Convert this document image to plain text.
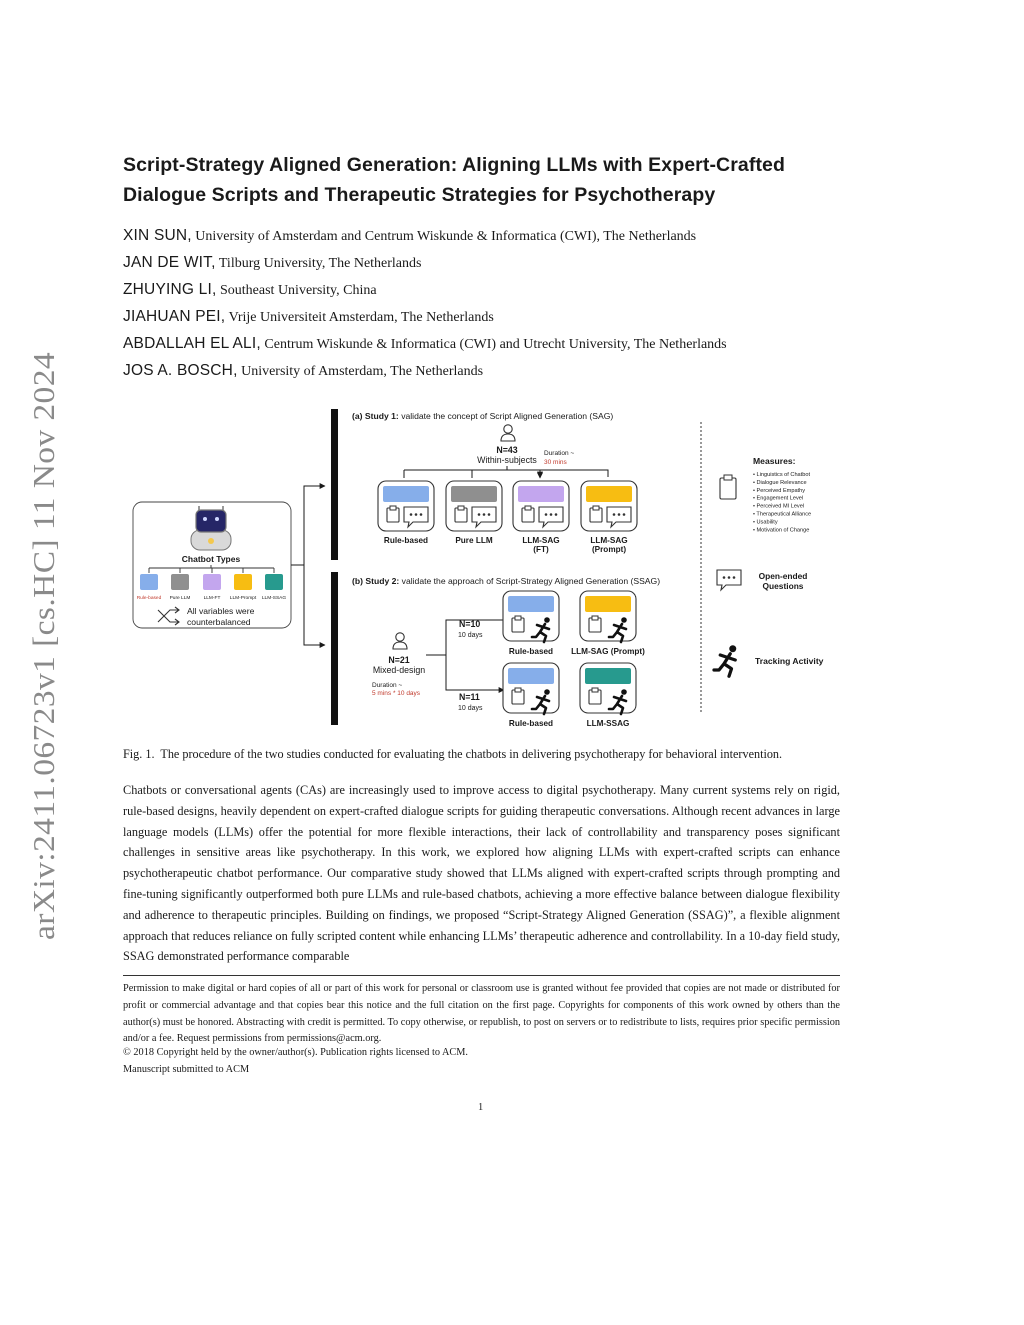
arXiv:2411.06723v1 [cs.HC] 11 Nov 2024
Script-Strategy Aligned Generation: Aligning LLMs with Expert-Crafted
Dialogue Scripts and Therapeutic Strategies for Psychotherapy
XIN SUN, University of Amsterdam and Centrum Wiskunde & Informatica (CWI), The Netherlands
JAN DE WIT, Tilburg University, The Netherlands
ZHUYING LI, Southeast University, China
JIAHUAN PEI, Vrije Universiteit Amsterdam, The Netherlands
ABDALLAH EL ALI, Centrum Wiskunde & Informatica (CWI) and Utrecht University, The Netherlands
JOS A. BOSCH, University of Amsterdam, The Netherlands
Chatbot Types
Rule-based Pure LLM	LLM-FT LLM-Prompt LLM-SSAG
All variables were
counterbalanced
(a) Study 1: validate the concept of Script Aligned Generation (SAG)
N=43
Within-subjects
Duration ~
30 mins
Rule-based	Pure LLM	LLM-SAG
(FT)
LLM-SAG
(Prompt)
(b) Study 2: validate the approach of Script-Strategy Aligned Generation (SSAG)
N=21
Mixed-design
Duration ~
5 mins * 10 days
N=10
10 days
N=11
10 days
Rule-based LLM-SAG (Prompt)
Rule-based	LLM-SSAG
Measures:
• Linguistics of Chatbot
• Dialogue Relevance
• Perceived Empathy
• Engagement Level
• Perceived MI Level
• Therapeutical Alliance
• Usability
• Motivation of Change
Open-ended
Questions
Tracking Activity
Fig. 1. The procedure of the two studies conducted for evaluating the chatbots in delivering psychotherapy for behavioral intervention.

Chatbots or conversational agents (CAs) are increasingly used to improve access to digital psychotherapy. Many current systems rely on rigid, rule-based designs, heavily dependent on expert-crafted dialogue scripts for guiding therapeutic conversations. Although recent advances in large language models (LLMs) offer the potential for more flexible interactions, their lack of controllability and transparency poses significant challenges in sensitive areas like psychotherapy. In this work, we explored how aligning LLMs with expert-crafted scripts can enhance psychotherapeutic chatbot performance. Our comparative study showed that LLMs aligned with expert-crafted scripts through prompting and fine-tuning significantly outperformed both pure LLMs and rule-based chatbots, achieving a more effective balance between dialogue flexibility and adherence to therapeutic principles. Building on findings, we proposed “Script-Strategy Aligned Generation (SSAG)”, a flexible alignment approach that reduces reliance on fully scripted content while enhancing LLMs’ therapeutic adherence and controllability. In a 10-day field study, SSAG demonstrated performance comparable

Permission to make digital or hard copies of all or part of this work for personal or classroom use is granted without fee provided that copies are not made or distributed for profit or commercial advantage and that copies bear this notice and the full citation on the first page. Copyrights for components of this work owned by others than the author(s) must be honored. Abstracting with credit is permitted. To copy otherwise, or republish, to post on servers or to redistribute to lists, requires prior specific permission and/or a fee. Request permissions from permissions@acm.org.

© 2018 Copyright held by the owner/author(s). Publication rights licensed to ACM.
Manuscript submitted to ACM
1
